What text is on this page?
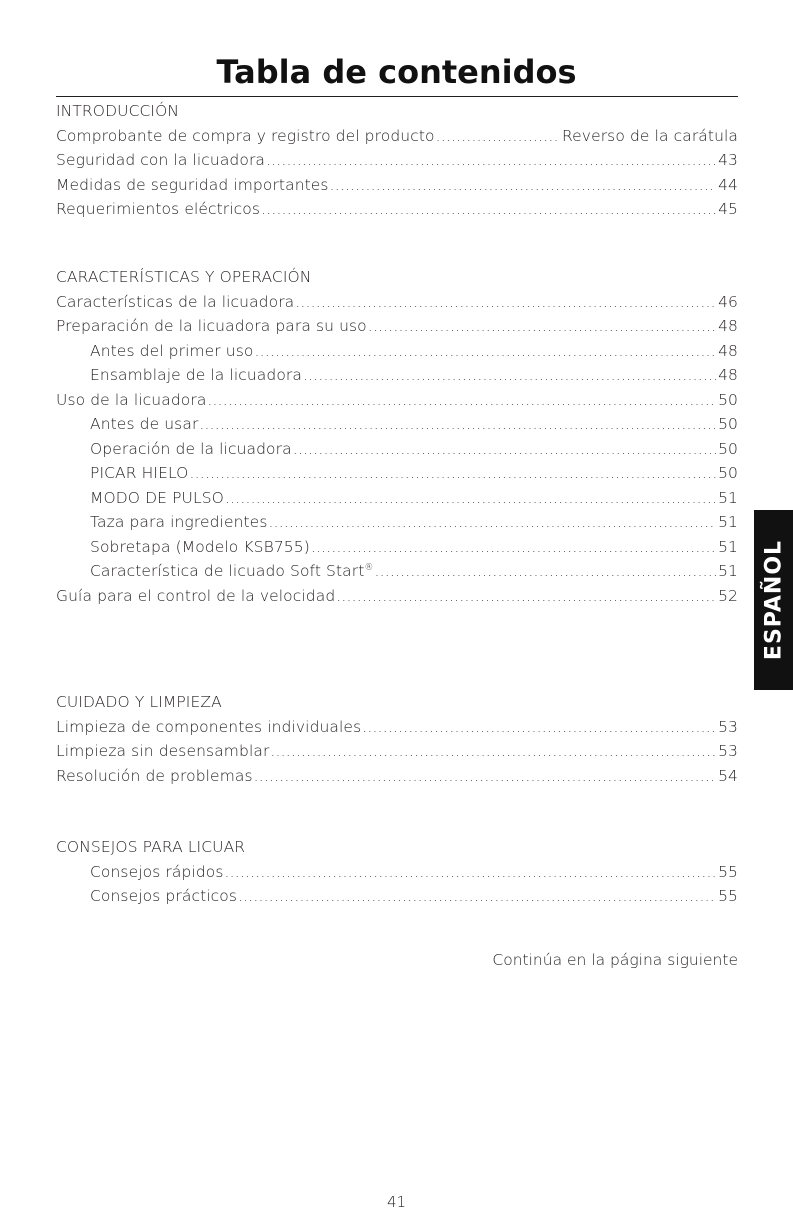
Tabla de contenidos
INTRODUCCIÓN
Comprobante de compra y registro del producto .....	Reverso de la carátula
Seguridad con la licuadora .....	43
Medidas de seguridad importantes .....	44
Requerimientos eléctricos .....	45
CARACTERÍSTICAS Y OPERACIÓN
Características de la licuadora .....	46
Preparación de la licuadora para su uso .....	48
Antes del primer uso .....	48
Ensamblaje de la licuadora .....	48
Uso de la licuadora .....	50
Antes de usar .....	50
Operación de la licuadora .....	50
PICAR HIELO .....	50
MODO DE PULSO .....	51
Taza para ingredientes .....	51
Sobretapa (Modelo KSB755) .....	51
Característica de licuado Soft Start® .....	51
Guía para el control de la velocidad .....	52
CUIDADO Y LIMPIEZA
Limpieza de componentes individuales .....	53
Limpieza sin desensamblar .....	53
Resolución de problemas .....	54
CONSEJOS PARA LICUAR
Consejos rápidos .....	55
Consejos prácticos .....	55
Continúa en la página siguiente
ESPAÑOL
41
